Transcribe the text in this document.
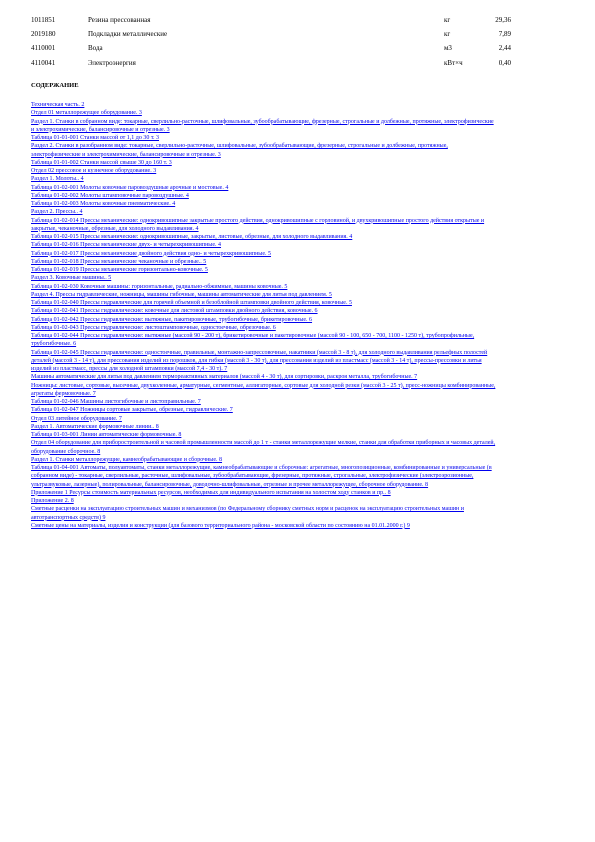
1011851	Резина прессованная	кг	29,36
2019180	Подкладки металлические	кг	7,89
4110001	Вода	м3	2,44
4110041	Электроэнергия	кВт×ч	0,40
СОДЕРЖАНИЕ
Техническая часть. 2
Отдел 01 металлорежущее оборудование. 3
Раздел 1. Станки в собранном виде: токарные, сверлильно-расточные, шлифовальные, зубообрабатывающие, фрезерные, строгальные и долбежные, протяжные, электрофизические и электрохимические, балансировочные и отрезные. 3
Таблица 01-01-001 Станки массой от 1,1 до 30 т. 3
Раздел 2. Станки в разобранном виде: токарные, сверлильно-расточные, шлифовальные, зубообрабатывающие, фрезерные, строгальные и долбежные, протяжные, электрофизические и электрохимические, балансировочные и отрезные. 3
Таблица 01-01-002 Станки массой свыше 30 до 160 т. 3
Отдел 02 прессовое и кузнечное оборудование. 3
Раздел 1. Молоты.. 4
Таблица 01-02-001 Молоты ковочные паровоздушные арочные и мостовые. 4
Таблица 01-02-002 Молоты штамповочные паровоздушные. 4
Таблица 01-02-003 Молоты ковочные пневматические. 4
Раздел 2. Прессы.. 4
Таблица 01-02-014 Прессы механические: однокривошипные закрытые простого действия, однокривошипные с горловиной, и двухкривошипные простого действия открытые и закрытые, чеканочные, обрезные, для холодного выдавливания. 4
Таблица 01-02-015 Прессы механические: однокривошипные, закрытые, листовые, обрезные, для холодного выдавливания. 4
Таблица 01-02-016 Прессы механические двух- и четырехкривошипные. 4
Таблица 01-02-017 Прессы механические двойного действия одно- и четырехкривошипные. 5
Таблица 01-02-018 Прессы механические чеканочные и обрезные.. 5
Таблица 01-02-019 Прессы механические горизонтально-ковочные. 5
Раздел 3. Ковочные машины.. 5
Таблица 01-02-030 Ковочные машины: горизонтальные, радиально-обжимные, машины ковочные. 5
Раздел 4. Прессы гидравлические, ножницы, машины гибочные, машины автоматические для литья под давлением. 5
Таблица 01-02-040 Прессы гидравлические для горячей объемной и безоблойной штамповки двойного действия, ковочные. 5
Таблица 01-02-041 Прессы гидравлические: ковочные для листовой штамповки двойного действия, ковочные. 6
Таблица 01-02-042 Прессы гидравлические: вытяжные, пакетировочные, трубогибочные, брикетировочные. 6
Таблица 01-02-043 Прессы гидравлические: листоштамповочные, одностоечные, обрезочные. 6
Таблица 01-02-044 Прессы гидравлические: вытяжные (массой 90 - 200 т), брикетировочные и пакетировочные (массой 90 - 100, 650 - 700, 1100 - 1250 т), трубопрофильные, трубогибочные. 6
Таблица 01-02-045 Прессы гидравлические: одностоечные, правильные, монтажно-запрессовочные, накатники (массой 3 - 8 т), для холодного выдавливания рельефных полостей деталей (массой 3 - 14 т), для прессования изделий из порошков, для гибки (массой 3 - 30 т), для прессования изделий из пластмасс (массой 3 - 14 т), прессы-прессовки и литья изделий из пластмасс, прессы для холодной штамповки (массой 7,4 - 30 т). 7
Машины автоматические для литья под давлением термореактивных материалов (массой 4 - 30 т), для сортировки, раскроя металла, трубогибочные. 7
Ножницы: листовые, сортовые, высечные, двухколенные, арматурные, сегментные, аллигаторные, сортовые для холодной резки (массой 3 - 25 т), пресс-ножницы комбинированные, агрегаты фермовочные. 7
Таблица 01-02-046 Машины листогибочные и листоправильные. 7
Таблица 01-02-047 Ножницы сортовые закрытые, обрезные, гидравлические. 7
Отдел 03 литейное оборудование. 7
Раздел 1. Автоматические формовочные линии.. 8
Таблица 01-03-001 Линии автоматические формовочные. 8
Отдел 04 оборудование для приборостроительной и часовой промышленности массой до 1 т - станки металлорежущие мелкие, станки для обработки приборных и часовых деталей, оборудование сборочное. 8
Раздел 1. Станки металлорежущие, камнеобрабатывающие и сборочные. 8
Таблица 01-04-001 Автоматы, полуавтоматы, станки металлорежущие, камнеобрабатывающие и сборочные: агрегатные, многопозиционные, комбинированные и универсальные (в собранном виде) - токарные, сверлильные, расточные, шлифовальные, зубообрабатывающие, фрезерные, протяжные, строгальные, электрофизические (электроэрозионные, ультразвуковые, лазерные), полировальные, балансировочные, доводочно-шлифовальные, отрезные и прочее металлорежущее, сборочное оборудование. 8
Приложение 1 Ресурсы стоимость материальных ресурсов, необходимых для индивидуального испытания на холостом ходу станков и пр.. 8
Приложение 2. 8
Сметные расценки на эксплуатацию строительных машин и механизмов (по Федеральному сборнику сметных норм и расценок на эксплуатацию строительных машин и автотранспортных средств) 9
Сметные цены на материалы, изделия и конструкции (для базового территориального района - московской области по состоянию на 01.01.2000 г.) 9
